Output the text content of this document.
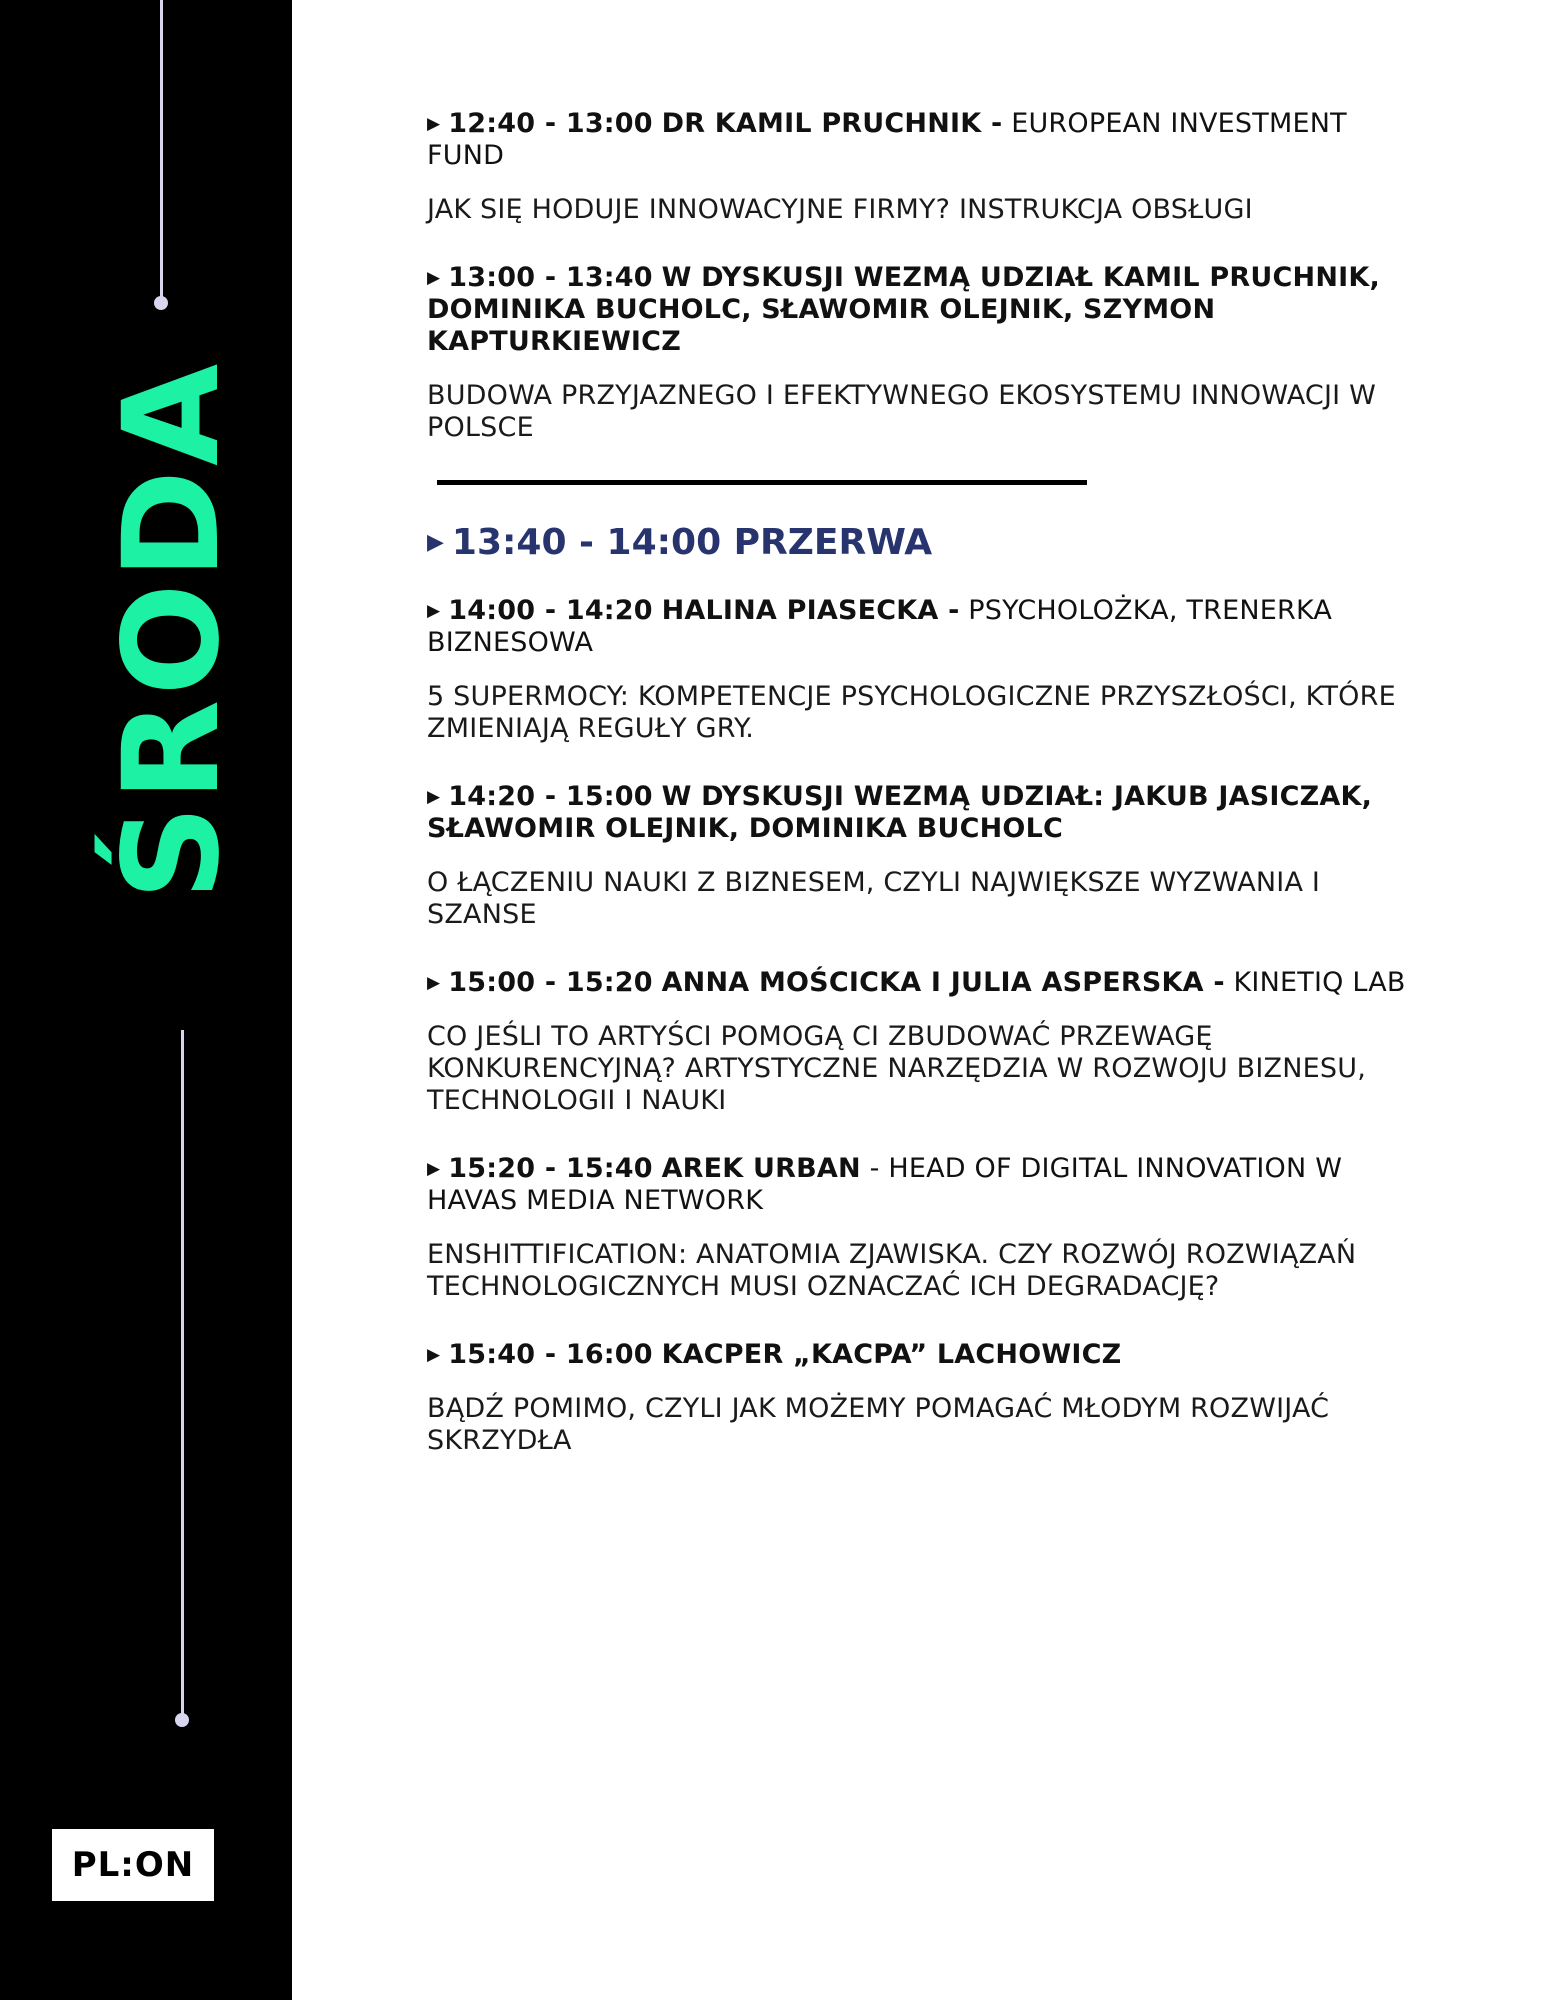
ŚRODA
PL:ON
▶ 12:40 - 13:00 DR KAMIL PRUCHNIK - EUROPEAN INVESTMENT FUND
JAK SIĘ HODUJE INNOWACYJNE FIRMY? INSTRUKCJA OBSŁUGI
▶ 13:00 - 13:40 W DYSKUSJI WEZMĄ UDZIAŁ KAMIL PRUCHNIK, DOMINIKA BUCHOLC, SŁAWOMIR OLEJNIK, SZYMON KAPTURKIEWICZ
BUDOWA PRZYJAZNEGO I EFEKTYWNEGO EKOSYSTEMU INNOWACJI W POLSCE
▶ 13:40 - 14:00 PRZERWA
▶ 14:00 - 14:20 HALINA PIASECKA - PSYCHOLOŻKA, TRENERKA BIZNESOWA
5 SUPERMOCY: KOMPETENCJE PSYCHOLOGICZNE PRZYSZŁOŚCI, KTÓRE ZMIENIAJĄ REGUŁY GRY.
▶ 14:20 - 15:00 W DYSKUSJI WEZMĄ UDZIAŁ: JAKUB JASICZAK, SŁAWOMIR OLEJNIK, DOMINIKA BUCHOLC
O ŁĄCZENIU NAUKI Z BIZNESEM, CZYLI NAJWIĘKSZE WYZWANIA I SZANSE
▶ 15:00 - 15:20 ANNA MOŚCICKA I JULIA ASPERSKA - KINETIQ LAB
CO JEŚLI TO ARTYŚCI POMOGĄ CI ZBUDOWAĆ PRZEWAGĘ KONKURENCYJNĄ? ARTYSTYCZNE NARZĘDZIA W ROZWOJU BIZNESU, TECHNOLOGII I NAUKI
▶ 15:20 - 15:40 AREK URBAN - HEAD OF DIGITAL INNOVATION W HAVAS MEDIA NETWORK
ENSHITTIFICATION: ANATOMIA ZJAWISKA. CZY ROZWÓJ ROZWIĄZAŃ TECHNOLOGICZNYCH MUSI OZNACZAĆ ICH DEGRADACJĘ?
▶ 15:40 - 16:00 KACPER „KACPA” LACHOWICZ
BĄDŹ POMIMO, CZYLI JAK MOŻEMY POMAGAĆ MŁODYM ROZWIJAĆ SKRZYDŁA
